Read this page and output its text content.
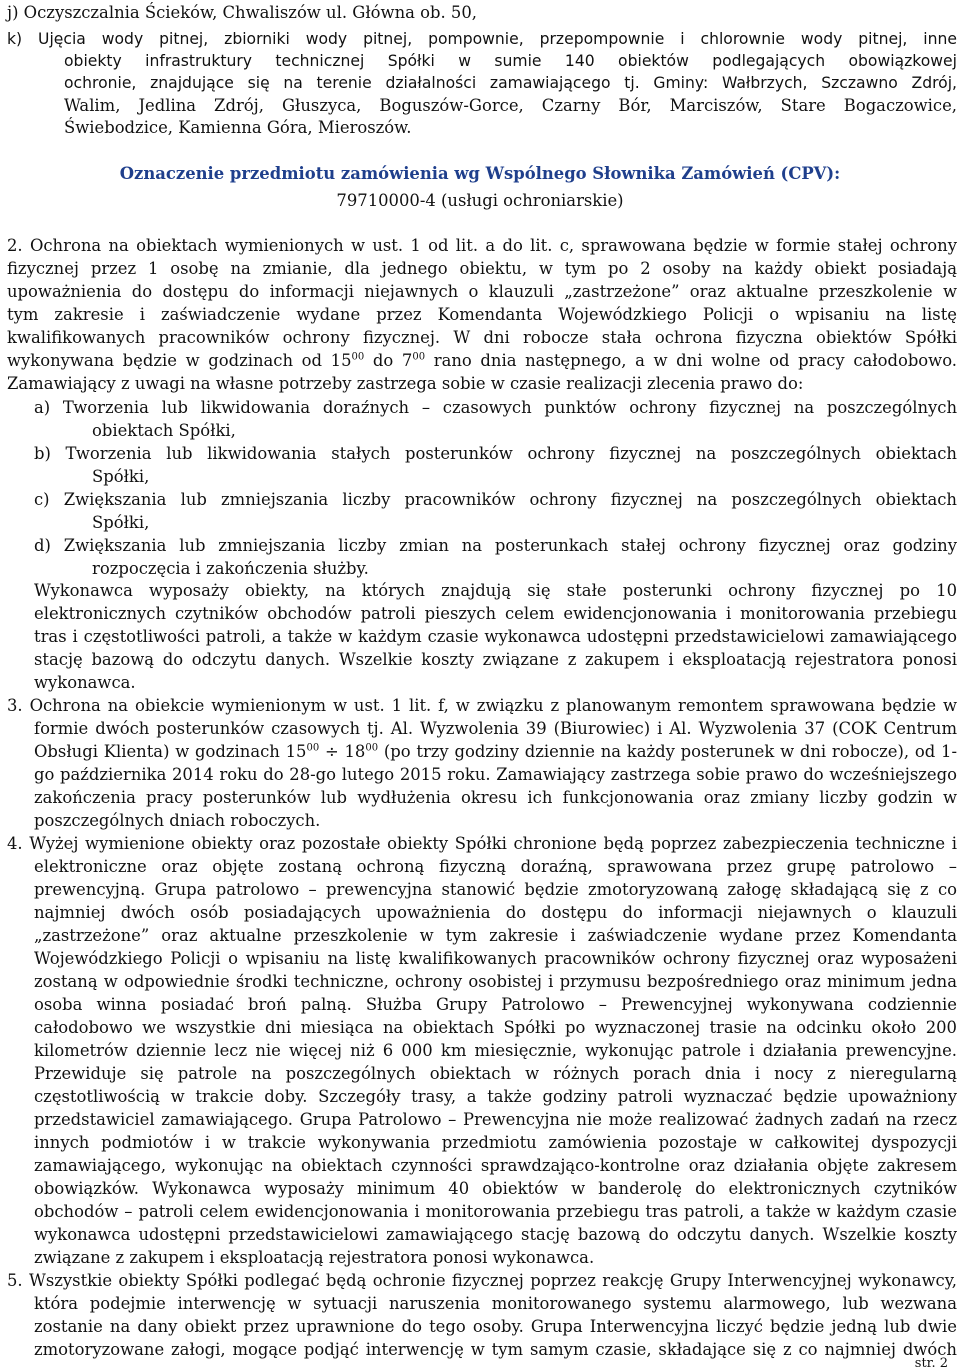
j) Oczyszczalnia Ścieków, Chwaliszów ul. Główna ob. 50,
k) Ujęcia wody pitnej, zbiorniki wody pitnej, pompownie, przepompownie i chlorownie wody pitnej, inne
obiekty infrastruktury technicznej Spółki w sumie 140 obiektów podlegających obowiązkowej
ochronie, znajdujące się na terenie działalności zamawiającego tj. Gminy: Wałbrzych, Szczawno Zdrój,
Walim, Jedlina Zdrój, Głuszyca, Boguszów-Gorce, Czarny Bór, Marciszów, Stare Bogaczowice,
Świebodzice, Kamienna Góra, Mieroszów.
Oznaczenie przedmiotu zamówienia wg Wspólnego Słownika Zamówień (CPV):
79710000-4 (usługi ochroniarskie)
2. Ochrona na obiektach wymienionych w ust. 1 od lit. a do lit. c, sprawowana będzie w formie stałej ochrony
fizycznej przez 1 osobę na zmianie, dla jednego obiektu, w tym po 2 osoby na każdy obiekt posiadają
upoważnienia do dostępu do informacji niejawnych o klauzuli „zastrzeżone” oraz aktualne przeszkolenie w
tym zakresie i zaświadczenie wydane przez Komendanta Wojewódzkiego Policji o wpisaniu na listę
kwalifikowanych pracowników ochrony fizycznej. W dni robocze stała ochrona fizyczna obiektów Spółki
wykonywana będzie w godzinach od $15^{00}$ do $7^{00}$ rano dnia następnego, a w dni wolne od pracy całodobowo.
Zamawiający z uwagi na własne potrzeby zastrzega sobie w czasie realizacji zlecenia prawo do:
a) Tworzenia lub likwidowania doraźnych – czasowych punktów ochrony fizycznej na poszczególnych
obiektach Spółki,
b) Tworzenia lub likwidowania stałych posterunków ochrony fizycznej na poszczególnych obiektach
Spółki,
c) Zwiększania lub zmniejszania liczby pracowników ochrony fizycznej na poszczególnych obiektach
Spółki,
d) Zwiększania lub zmniejszania liczby zmian na posterunkach stałej ochrony fizycznej oraz godziny
rozpoczęcia i zakończenia służby.
Wykonawca wyposaży obiekty, na których znajdują się stałe posterunki ochrony fizycznej po 10
elektronicznych czytników obchodów patroli pieszych celem ewidencjonowania i monitorowania przebiegu
tras i częstotliwości patroli, a także w każdym czasie wykonawca udostępni przedstawicielowi zamawiającego
stację bazową do odczytu danych. Wszelkie koszty związane z zakupem i eksploatacją rejestratora ponosi
wykonawca.
3. Ochrona na obiekcie wymienionym w ust. 1 lit. f, w związku z planowanym remontem sprawowana będzie w
formie dwóch posterunków czasowych tj. Al. Wyzwolenia 39 (Biurowiec) i Al. Wyzwolenia 37 (COK Centrum
Obsługi Klienta) w godzinach $15^{00} \div 18^{00}$ (po trzy godziny dziennie na każdy posterunek w dni robocze), od 1-
go października 2014 roku do 28-go lutego 2015 roku. Zamawiający zastrzega sobie prawo do wcześniejszego
zakończenia pracy posterunków lub wydłużenia okresu ich funkcjonowania oraz zmiany liczby godzin w
poszczególnych dniach roboczych.
4. Wyżej wymienione obiekty oraz pozostałe obiekty Spółki chronione będą poprzez zabezpieczenia techniczne i
elektroniczne oraz objęte zostaną ochroną fizyczną doraźną, sprawowana przez grupę patrolowo –
prewencyjną. Grupa patrolowo – prewencyjna stanowić będzie zmotoryzowaną załogę składającą się z co
najmniej dwóch osób posiadających upoważnienia do dostępu do informacji niejawnych o klauzuli
„zastrzeżone” oraz aktualne przeszkolenie w tym zakresie i zaświadczenie wydane przez Komendanta
Wojewódzkiego Policji o wpisaniu na listę kwalifikowanych pracowników ochrony fizycznej oraz wyposażeni
zostaną w odpowiednie środki techniczne, ochrony osobistej i przymusu bezpośredniego oraz minimum jedna
osoba winna posiadać broń palną. Służba Grupy Patrolowo – Prewencyjnej wykonywana codziennie
całodobowo we wszystkie dni miesiąca na obiektach Spółki po wyznaczonej trasie na odcinku około 200
kilometrów dziennie lecz nie więcej niż 6 000 km miesięcznie, wykonując patrole i działania prewencyjne.
Przewiduje się patrole na poszczególnych obiektach w różnych porach dnia i nocy z nieregularną
częstotliwością w trakcie doby. Szczegóły trasy, a także godziny patroli wyznaczać będzie upoważniony
przedstawiciel zamawiającego. Grupa Patrolowo – Prewencyjna nie może realizować żadnych zadań na rzecz
innych podmiotów i w trakcie wykonywania przedmiotu zamówienia pozostaje w całkowitej dyspozycji
zamawiającego, wykonując na obiektach czynności sprawdzająco-kontrolne oraz działania objęte zakresem
obowiązków. Wykonawca wyposaży minimum 40 obiektów w banderolę do elektronicznych czytników
obchodów – patroli celem ewidencjonowania i monitorowania przebiegu tras patroli, a także w każdym czasie
wykonawca udostępni przedstawicielowi zamawiającego stację bazową do odczytu danych. Wszelkie koszty
związane z zakupem i eksploatacją rejestratora ponosi wykonawca.
5. Wszystkie obiekty Spółki podlegać będą ochronie fizycznej poprzez reakcję Grupy Interwencyjnej wykonawcy,
która podejmie interwencję w sytuacji naruszenia monitorowanego systemu alarmowego, lub wezwana
zostanie na dany obiekt przez uprawnione do tego osoby. Grupa Interwencyjna liczyć będzie jedną lub dwie
zmotoryzowane załogi, mogące podjąć interwencję w tym samym czasie, składające się z co najmniej dwóch
str. 2
